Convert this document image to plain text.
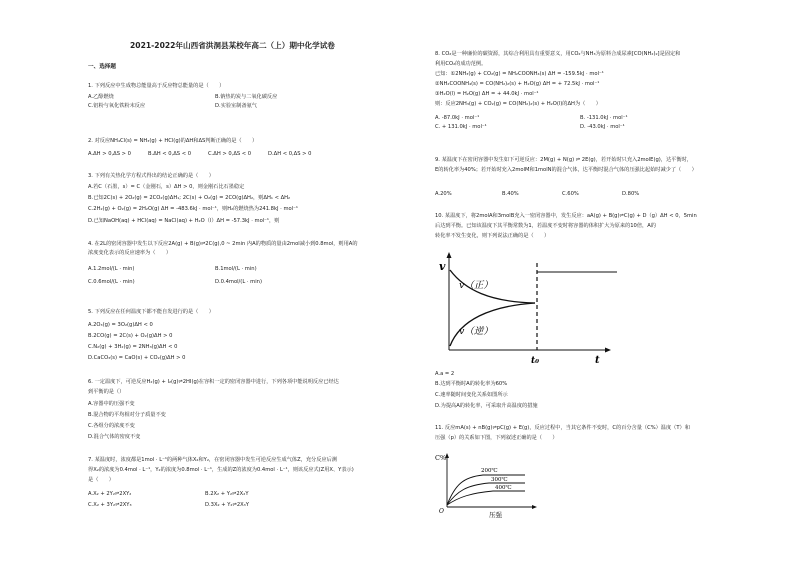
2021-2022年山西省洪洞县某校年高二（上）期中化学试卷
一、选择题
1. 下列反应中生成物总能量高于反应物总能量的是（　　）
A.乙醇燃烧	B.钠热的炭与二氧化碳反应
C.铝粉与氧化铁粉末反应	D.实验室制备氨气
2. 对反应NH₄Cl(s) = NH₃(g) + HCl(g)的ΔH和ΔS判断正确的是（　　）
A.ΔH > 0,ΔS > 0	B.ΔH < 0,ΔS < 0	C.ΔH > 0,ΔS < 0	D.ΔH < 0,ΔS > 0
3. 下列有关热化学方程式得出的结论正确的是（　　）
A.若C（石墨，s）= C（金刚石，s）ΔH > 0，则金刚石比石墨稳定
B.已知2C(s) + 2O₂(g) = 2CO₂(g)ΔH₁; 2C(s) + O₂(g) = 2CO(g)ΔH₂，则ΔH₁ < ΔH₂
C.2H₂(g) + O₂(g) = 2H₂O(g) ΔH = -483.6kJ · mol⁻¹，则H₂的燃烧热为241.8kJ · mol⁻¹
D.已知NaOH(aq) + HCl(aq) = NaCl(aq) + H₂O（l）ΔH = -57.3kJ · mol⁻¹，则
4. 在2L的密闭容器中发生以下反应2A(g) + B(g)⇌2C(g),0 ~ 2min 内A的物质的量由2mol减小到0.8mol，则用A的
浓度变化表示的反应速率为（　　）
A.1.2mol/(L · min)	B.1mol/(L · min)
C.0.6mol/(L · min)	D.0.4mol/(L · min)
5. 下列反应在任何温度下都不能自发进行的是（　　）
A.2O₃(g) = 3O₂(g)ΔH < 0
B.2CO(g) = 2C(s) + O₂(g)ΔH > 0
C.N₂(g) + 3H₂(g) = 2NH₃(g)ΔH < 0
D.CaCO₃(s) = CaO(s) + CO₂(g)ΔH > 0
6. 一定温度下，可逆反应H₂(g) + I₂(g)⇌2HI(g)在容积一定的密闭容器中进行，下列各项中能说明反应已经达
到平衡的是（）
A.容器中的压强不变
B.混合物的平均相对分子质量不变
C.各组分的浓度不变
D.混合气体的密度不变
7. 某温度时，浓度都是1mol · L⁻¹的两种气体X₂和Y₂，在密闭容器中发生可逆反应生成气体Z，充分反应后测
得X₂的浓度为0.4mol · L⁻¹，Y₂的浓度为0.8mol · L⁻¹，生成的Z的浓度为0.4mol · L⁻¹，则该反应式(Z用X、Y表示)
是（　　）
A.X₂ + 2Y₂⇌2XY₂	B.2X₂ + Y₂⇌2X₂Y
C.X₂ + 3Y₂⇌2XY₃	D.3X₂ + Y₂⇌2X₃Y
8. CO₂是一种廉价的碳资源，其综合利用具有重要意义，用CO₂与NH₃为原料合成尿素[CO(NH₂)₂]是固定和
利用CO₂的成功范例。
已知：①2NH₃(g) + CO₂(g) = NH₂COONH₄(s) ΔH = -159.5kJ · mol⁻¹
②NH₂COONH₄(s) = CO(NH₂)₂(s) + H₂O(g) ΔH = + 72.5kJ · mol⁻¹
③H₂O(l) = H₂O(g) ΔH = + 44.0kJ · mol⁻¹
则：反应2NH₃(g) + CO₂(g) = CO(NH₂)₂(s) + H₂O(l)的ΔH为（　　）
A. -87.0kJ · mol⁻¹	B. -131.0kJ · mol⁻¹
C. + 131.0kJ · mol⁻¹	D. -43.0kJ · mol⁻¹
9. 某温度下在密闭容器中发生如下可逆反应：2M(g) + N(g) ⇌ 2E(g)，若开始时只充入2molE(g)，达平衡时，
E的转化率为40%；若开始时充入2molM和1molN的混合气体，达平衡时混合气体的压强比起始时减少了（　　）
A.20%	B.40%	C.60%	D.80%
10. 某温度下，将2molA和3molB充入一密闭容器中，发生反应：aA(g) + B(g)⇌C(g) + D（g）ΔH < 0，5min
后达到平衡。已知该温度下其平衡常数为1，若温度不变时将容器的体积扩大为原来的10倍，A的
转化率不发生变化，则下列说法正确的是（　　）
v
v（正）
v（逆）
t₀	t
A.a = 2
B.达到平衡时A的转化率为60%
C.速率随时间变化关系如图所示
D.为提高A的转化率，可采取升高温度的措施
11. 反应mA(s) + nB(g)⇌pC(g) + E(g)，反应过程中，当其它条件不变时，C的百分含量（C%）温度（T）和
压强（p）的关系如下图，下列叙述正确的是（　　）
C%
O	压强
200℃
300℃
400℃
